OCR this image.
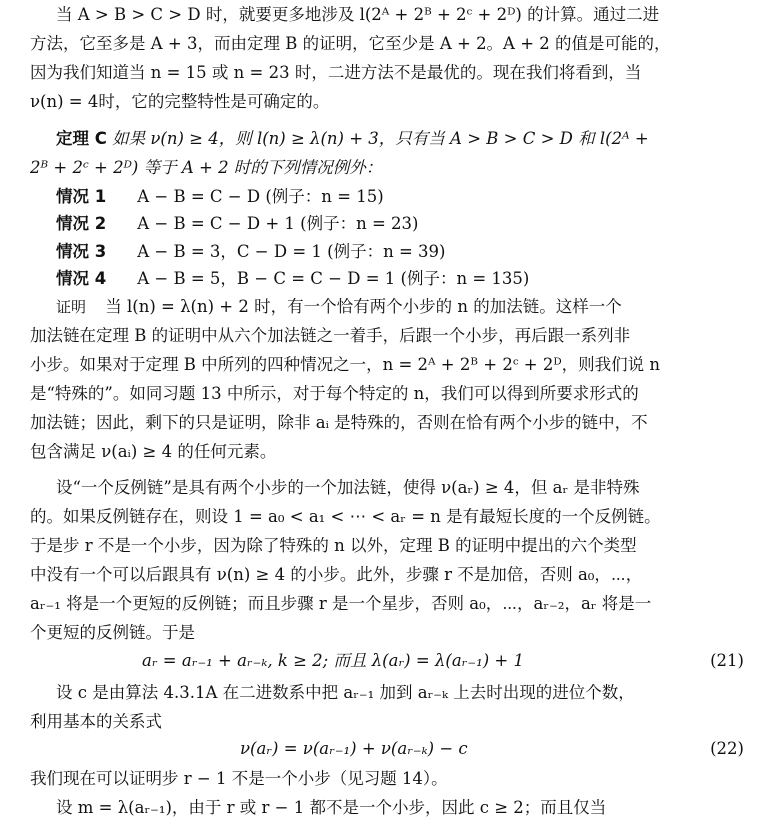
当 A > B > C > D 时，就要更多地涉及 l(2ᴬ + 2ᴮ + 2ᶜ + 2ᴰ) 的计算。通过二进
方法，它至多是 A + 3，而由定理 B 的证明，它至少是 A + 2。A + 2 的值是可能的，
因为我们知道当 n = 15 或 n = 23 时，二进方法不是最优的。现在我们将看到，当
ν(n) = 4时，它的完整特性是可确定的。
定理 C 如果 ν(n) ≥ 4，则 l(n) ≥ λ(n) + 3，只有当 A > B > C > D 和 l(2ᴬ +
2ᴮ + 2ᶜ + 2ᴰ) 等于 A + 2 时的下列情况例外：
情况 1 A − B = C − D (例子：n = 15)
情况 2 A − B = C − D + 1 (例子：n = 23)
情况 3 A − B = 3，C − D = 1 (例子：n = 39)
情况 4 A − B = 5，B − C = C − D = 1 (例子：n = 135)
证明 当 l(n) = λ(n) + 2 时，有一个恰有两个小步的 n 的加法链。这样一个
加法链在定理 B 的证明中从六个加法链之一着手，后跟一个小步，再后跟一系列非
小步。如果对于定理 B 中所列的四种情况之一，n = 2ᴬ + 2ᴮ + 2ᶜ + 2ᴰ，则我们说 n
是“特殊的”。如同习题 13 中所示，对于每个特定的 n，我们可以得到所要求形式的
加法链；因此，剩下的只是证明，除非 aᵢ 是特殊的，否则在恰有两个小步的链中，不
包含满足 ν(aᵢ) ≥ 4 的任何元素。
设“一个反例链”是具有两个小步的一个加法链，使得 ν(aᵣ) ≥ 4，但 aᵣ 是非特殊
的。如果反例链存在，则设 1 = a₀ < a₁ < ⋯ < aᵣ = n 是有最短长度的一个反例链。
于是步 r 不是一个小步，因为除了特殊的 n 以外，定理 B 的证明中提出的六个类型
中没有一个可以后跟具有 ν(n) ≥ 4 的小步。此外，步骤 r 不是加倍，否则 a₀，⋯，
aᵣ₋₁ 将是一个更短的反例链；而且步骤 r 是一个星步，否则 a₀，⋯，aᵣ₋₂，aᵣ 将是一
个更短的反例链。于是
aᵣ = aᵣ₋₁ + aᵣ₋ₖ, k ≥ 2; 而且 λ(aᵣ) = λ(aᵣ₋₁) + 1	(21)
设 c 是由算法 4.3.1A 在二进数系中把 aᵣ₋₁ 加到 aᵣ₋ₖ 上去时出现的进位个数，
利用基本的关系式
ν(aᵣ) = ν(aᵣ₋₁) + ν(aᵣ₋ₖ) − c	(22)
我们现在可以证明步 r − 1 不是一个小步（见习题 14）。
设 m = λ(aᵣ₋₁)，由于 r 或 r − 1 都不是一个小步，因此 c ≥ 2；而且仅当
